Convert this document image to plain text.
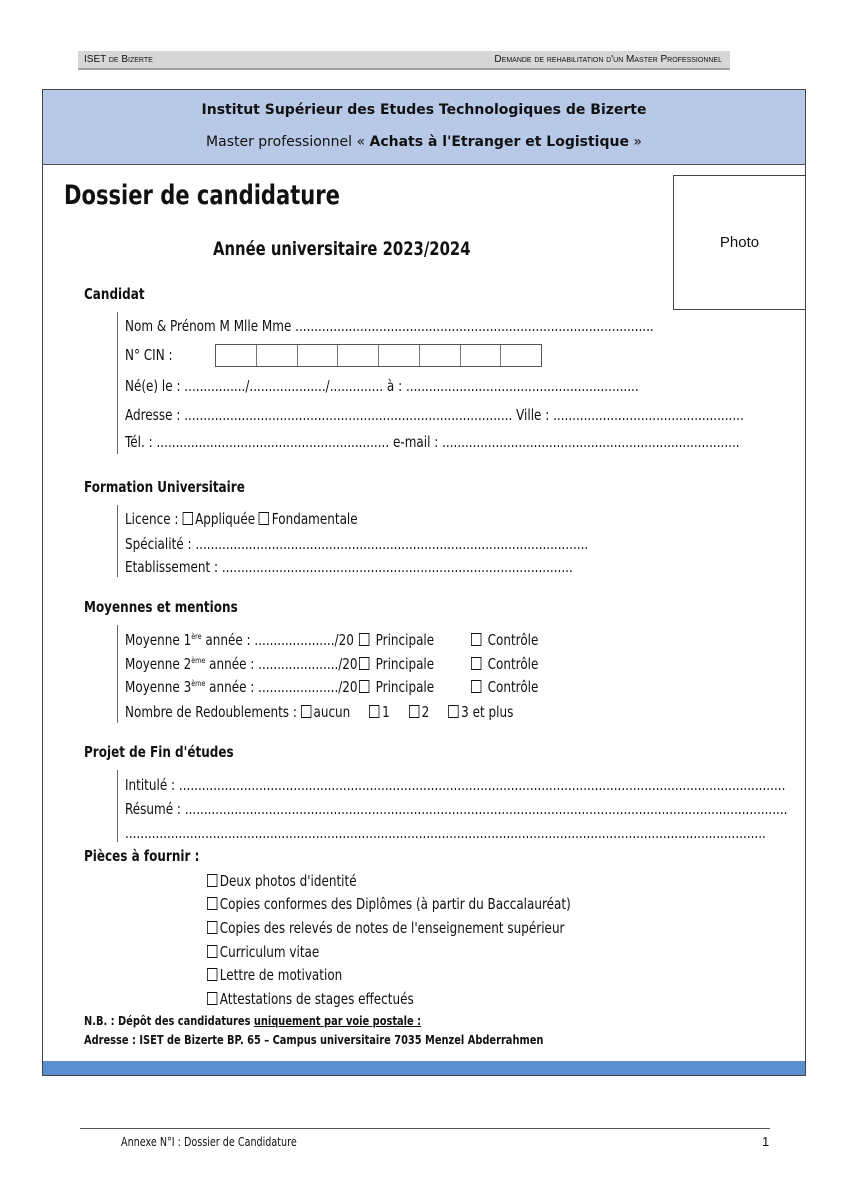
ISET de Bizerte	Demande de rehabilitation d'un Master Professionnel
Institut Supérieur des Etudes Technologiques de Bizerte
Master professionnel « Achats à l'Etranger et Logistique »
Photo
Dossier de candidature
Année universitaire 2023/2024
Candidat
Nom & Prénom M Mlle Mme ..............................................................................................
N° CIN :
Né(e) le : ................/..................../.............. à : .............................................................
Adresse : ...................................................................................... Ville : ..................................................
Tél. : ............................................................. e-mail : ..............................................................................
Formation Universitaire
Licence : Appliquée Fondamentale
Spécialité : .......................................................................................................
Etablissement : ............................................................................................
Moyennes et mentions
Moyenne 1ère année : ...................../20	Principale	Contrôle
Moyenne 2ème année : ...................../20	Principale	Contrôle
Moyenne 3ème année : ...................../20	Principale	Contrôle
Nombre de Redoublements : aucun 1 2 3 et plus
Projet de Fin d'études
Intitulé : ...............................................................................................................................................................
Résumé : ..............................................................................................................................................................
........................................................................................................................................................................
Pièces à fournir :
Deux photos d'identité
Copies conformes des Diplômes (à partir du Baccalauréat)
Copies des relevés de notes de l'enseignement supérieur
Curriculum vitae
Lettre de motivation
Attestations de stages effectués
N.B. : Dépôt des candidatures uniquement par voie postale :
Adresse : ISET de Bizerte BP. 65 – Campus universitaire 7035 Menzel Abderrahmen
Annexe N°I : Dossier de Candidature	1
